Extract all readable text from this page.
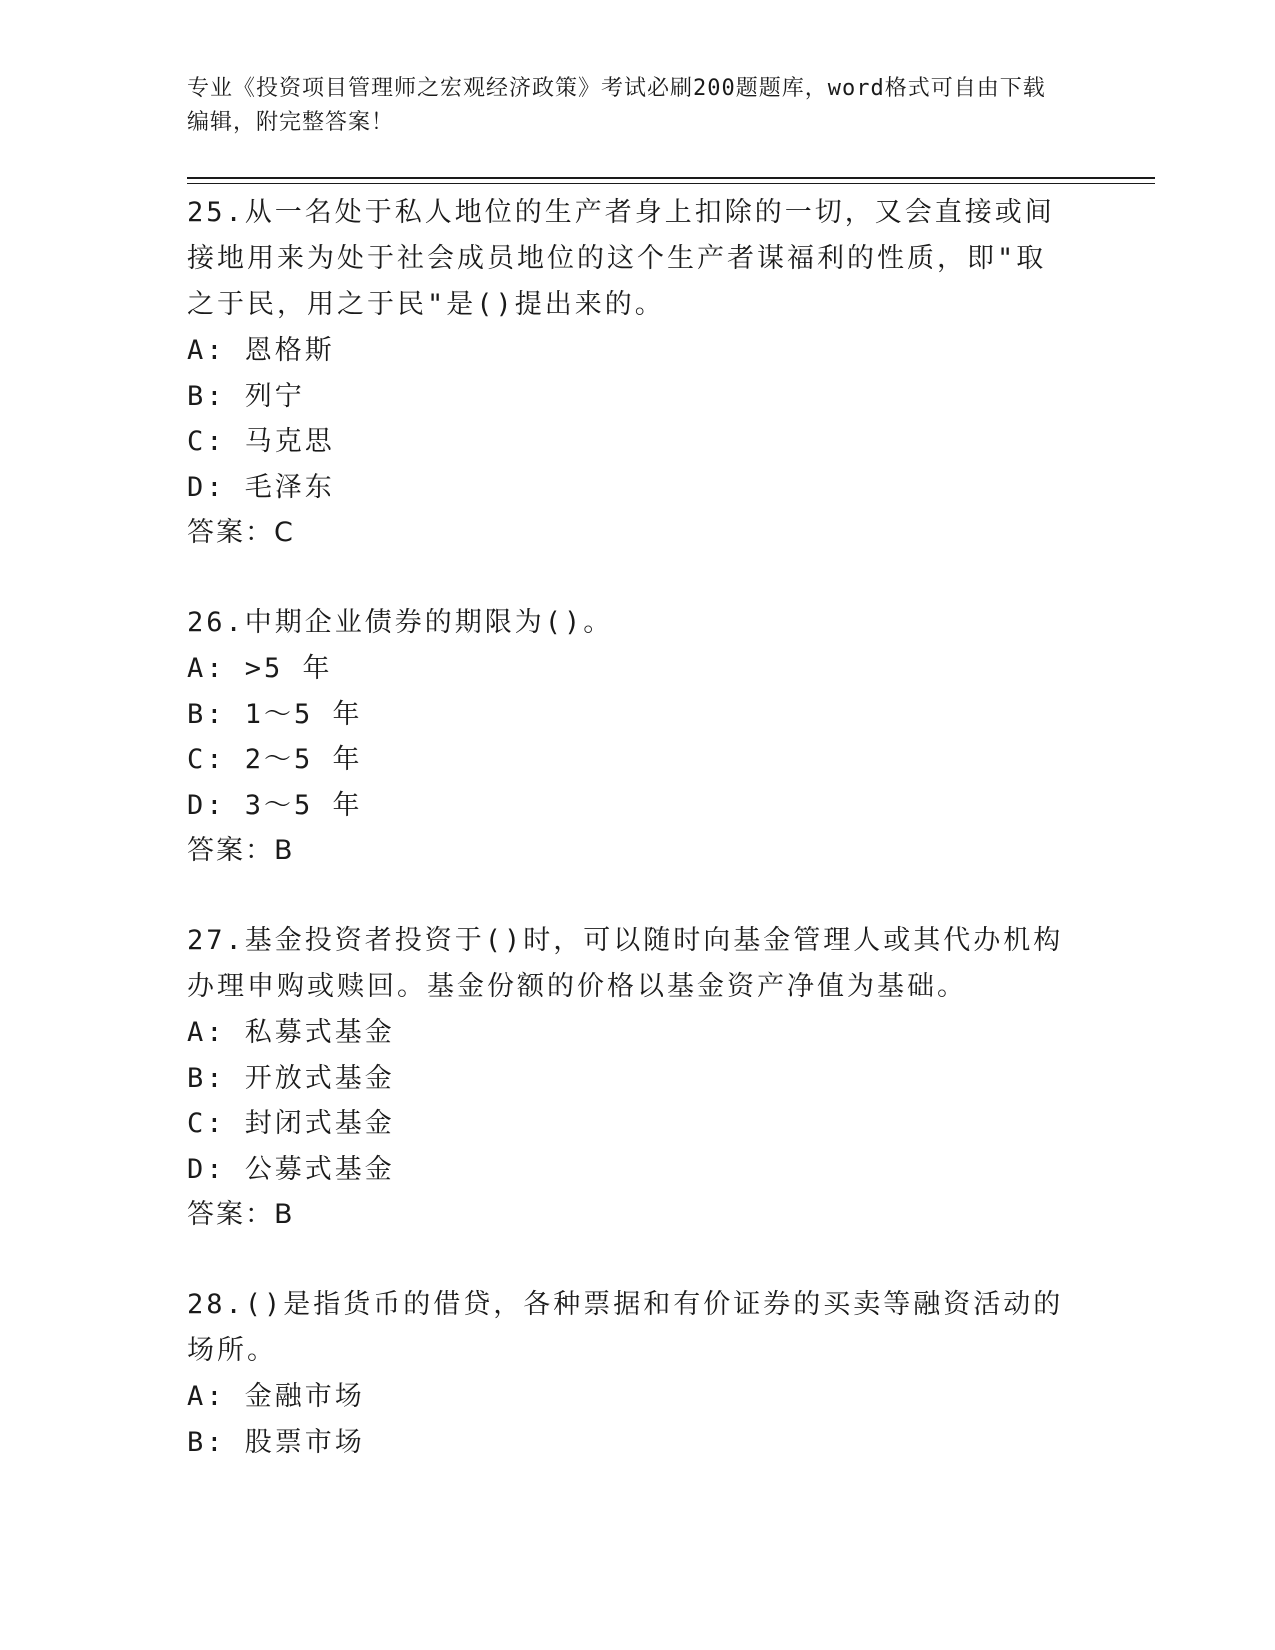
专业《投资项目管理师之宏观经济政策》考试必刷200题题库，word格式可自由下载编辑，附完整答案！

25.从一名处于私人地位的生产者身上扣除的一切，又会直接或间接地用来为处于社会成员地位的这个生产者谋福利的性质，即"取之于民，用之于民"是()提出来的。

A: 恩格斯

B: 列宁

C: 马克思

D: 毛泽东

答案：C

26.中期企业债券的期限为()。

A: >5 年

B: 1～5 年

C: 2～5 年

D: 3～5 年

答案：B

27.基金投资者投资于()时，可以随时向基金管理人或其代办机构办理申购或赎回。基金份额的价格以基金资产净值为基础。

A: 私募式基金

B: 开放式基金

C: 封闭式基金

D: 公募式基金

答案：B

28.()是指货币的借贷，各种票据和有价证券的买卖等融资活动的场所。

A: 金融市场

B: 股票市场
